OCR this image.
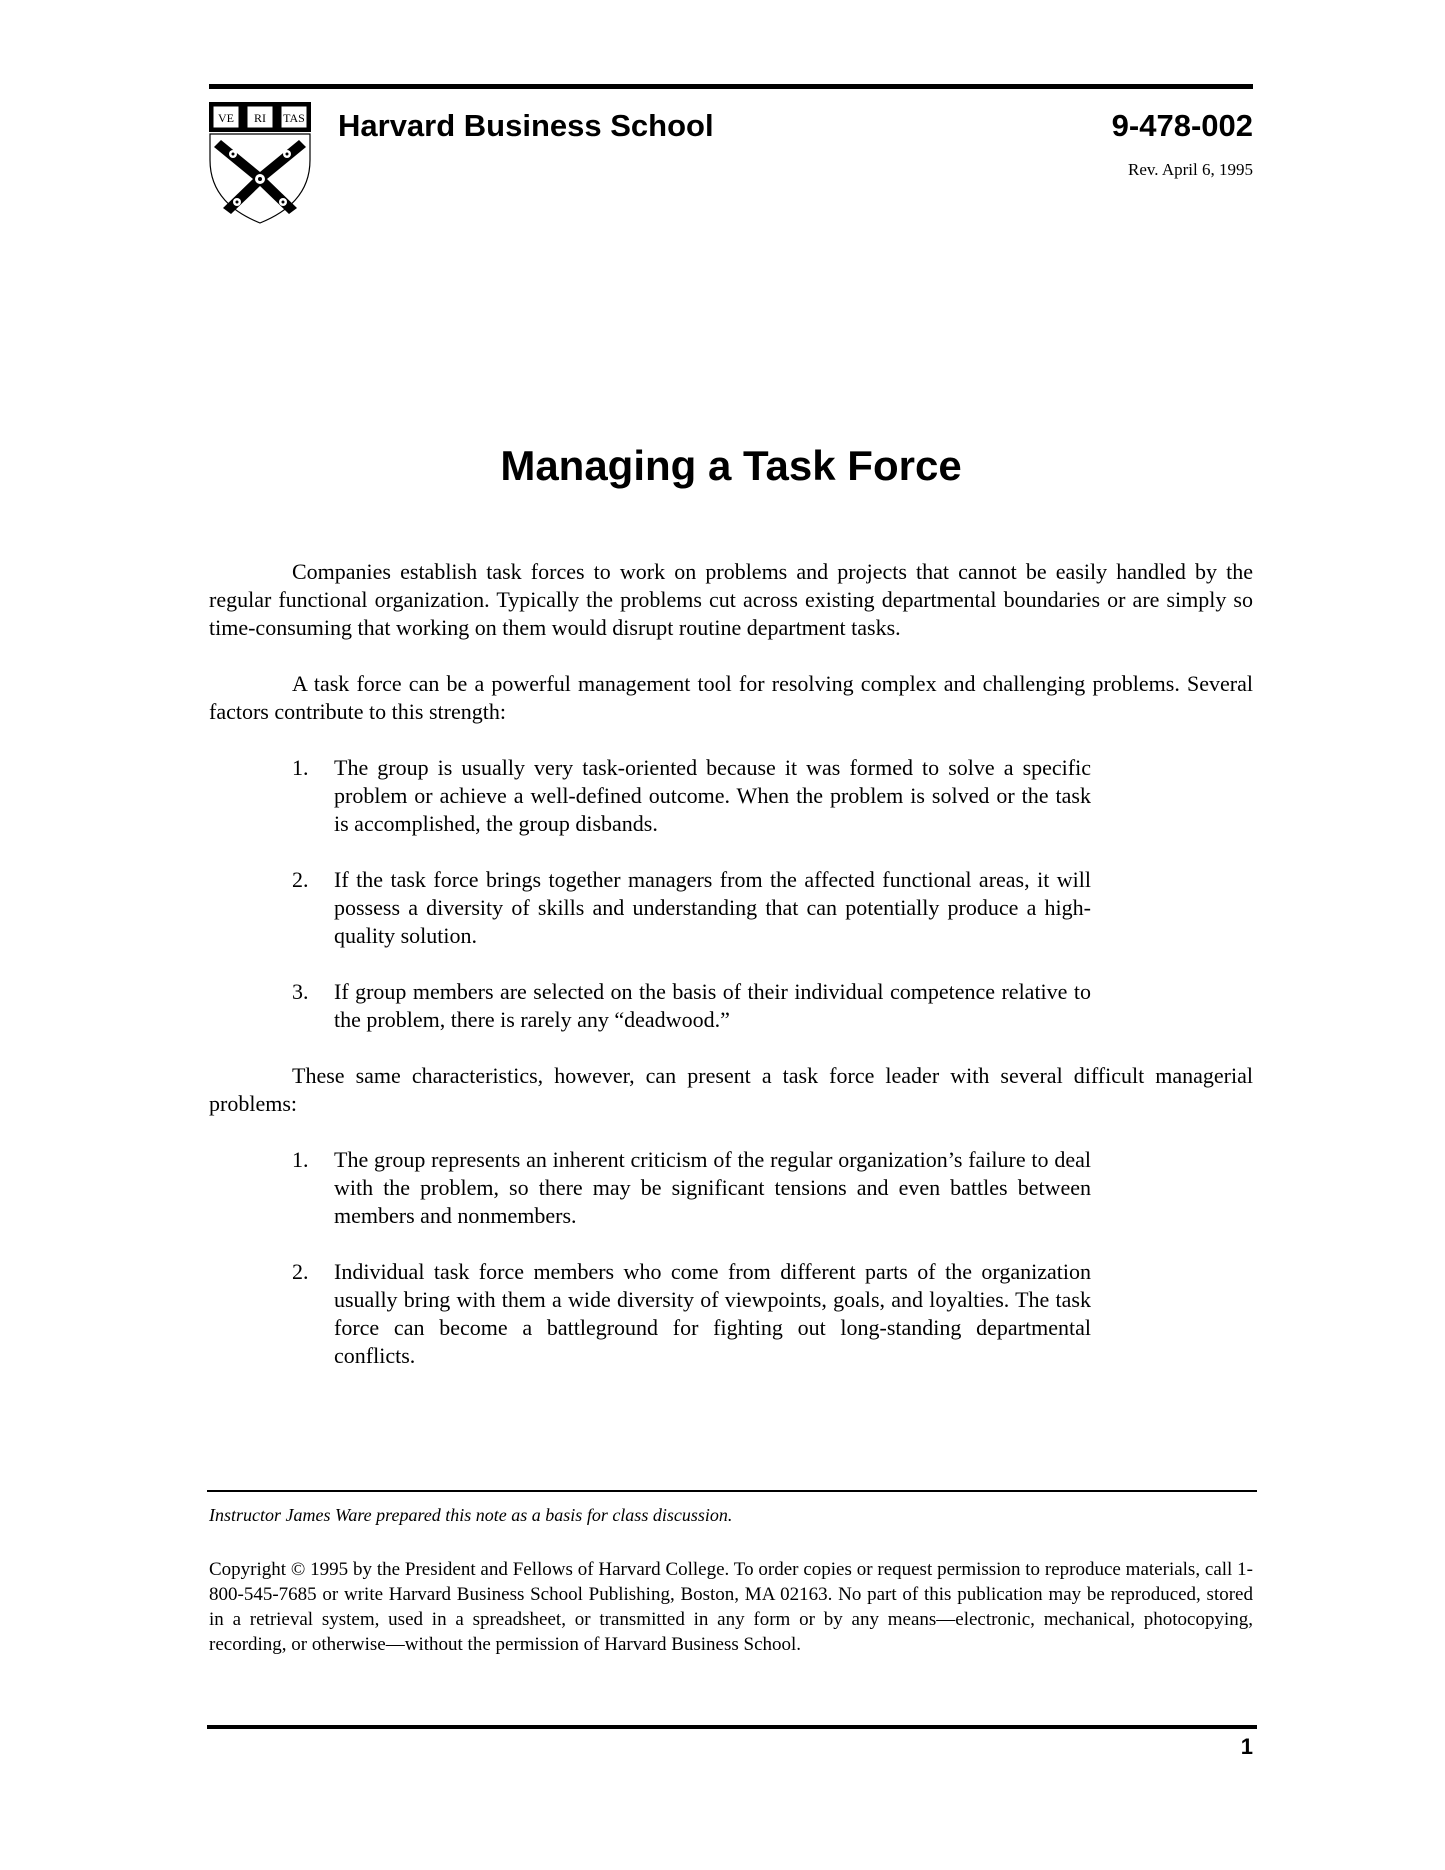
VE RI TAS Harvard Business School	9-478-002
Rev. April 6, 1995
Managing a Task Force

Companies establish task forces to work on problems and projects that cannot be easily handled by the regular functional organization. Typically the problems cut across existing departmental boundaries or are simply so time-consuming that working on them would disrupt routine department tasks.

A task force can be a powerful management tool for resolving complex and challenging problems. Several factors contribute to this strength:

1. The group is usually very task-oriented because it was formed to solve a specific problem or achieve a well-defined outcome. When the problem is solved or the task is accomplished, the group disbands.
2. If the task force brings together managers from the affected functional areas, it will possess a diversity of skills and understanding that can potentially produce a high-quality solution.
3. If group members are selected on the basis of their individual competence relative to the problem, there is rarely any “deadwood.”

These same characteristics, however, can present a task force leader with several difficult managerial problems:

1. The group represents an inherent criticism of the regular organization’s failure to deal with the problem, so there may be significant tensions and even battles between members and nonmembers.
2. Individual task force members who come from different parts of the organization usually bring with them a wide diversity of viewpoints, goals, and loyalties. The task force can become a battleground for fighting out long-standing departmental conflicts.
Instructor James Ware prepared this note as a basis for class discussion.

Copyright © 1995 by the President and Fellows of Harvard College. To order copies or request permission to reproduce materials, call 1-800-545-7685 or write Harvard Business School Publishing, Boston, MA 02163. No part of this publication may be reproduced, stored in a retrieval system, used in a spreadsheet, or transmitted in any form or by any means—electronic, mechanical, photocopying, recording, or otherwise—without the permission of Harvard Business School.

1
